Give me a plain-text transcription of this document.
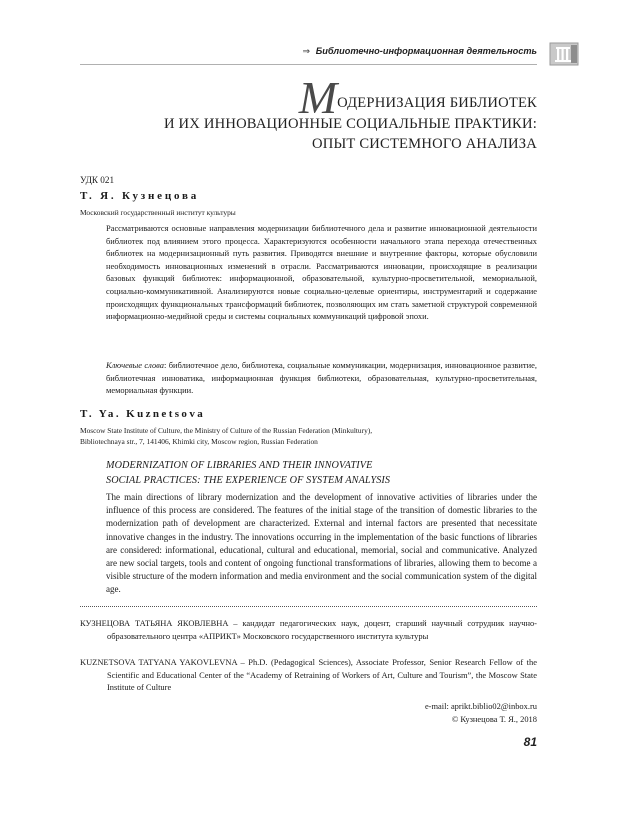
⇒ Библиотечно-информационная деятельность
МОДЕРНИЗАЦИЯ БИБЛИОТЕК
И ИХ ИННОВАЦИОННЫЕ СОЦИАЛЬНЫЕ ПРАКТИКИ:
ОПЫТ СИСТЕМНОГО АНАЛИЗА
УДК 021
Т. Я. Кузнецова
Московский государственный институт культуры
Рассматриваются основные направления модернизации библиотечного дела и развитие инновационной деятельности библиотек под влиянием этого процесса. Характеризуются особенности начального этапа перехода отечественных библиотек на модернизационный путь развития. Приводятся внешние и внутренние факторы, которые обусловили необходимость инновационных изменений в отрасли. Рассматриваются инновации, происходящие в реализации базовых функций библиотек: информационной, образовательной, культурно-просветительной, мемориальной, социально-коммуникативной. Анализируются новые социально-целевые ориентиры, инструментарий и содержание происходящих функциональных трансформаций библиотек, позволяющих им стать заметной структурой современной информационно-медийной среды и системы социальных коммуникаций цифровой эпохи.
Ключевые слова: библиотечное дело, библиотека, социальные коммуникации, модернизация, инновационное развитие, библиотечная инноватика, информационная функция библиотеки, образовательная, культурно-просветительная, мемориальная функции.
T. Ya. Kuznetsova
Moscow State Institute of Culture, the Ministry of Culture of the Russian Federation (Minkultury),
Bibliotechnaya str., 7, 141406, Khimki city, Moscow region, Russian Federation
MODERNIZATION OF LIBRARIES AND THEIR INNOVATIVE
SOCIAL PRACTICES: THE EXPERIENCE OF SYSTEM ANALYSIS
The main directions of library modernization and the development of innovative activities of libraries under the influence of this process are considered. The features of the initial stage of the transition of domestic libraries to the modernization path of development are characterized. External and internal factors are presented that necessitate innovative changes in the industry. The innovations occurring in the implementation of the basic functions of libraries are considered: informational, educational, cultural and educational, memorial, social and communicative. Analyzed are new social targets, tools and content of ongoing functional transformations of libraries, allowing them to become a visible structure of the modern information and media environment and the social communication system of the digital age.
КУЗНЕЦОВА ТАТЬЯНА ЯКОВЛЕВНА – кандидат педагогических наук, доцент, старший научный сотрудник научно-образовательного центра «АПРИКТ» Московского государственного института культуры
KUZNETSOVA TATYANA YAKOVLEVNA – Ph.D. (Pedagogical Sciences), Associate Professor, Senior Research Fellow of the Scientific and Educational Center of the “Academy of Retraining of Workers of Art, Culture and Tourism”, the Moscow State Institute of Culture
e-mail: aprikt.biblio02@inbox.ru
© Кузнецова Т. Я., 2018
81
